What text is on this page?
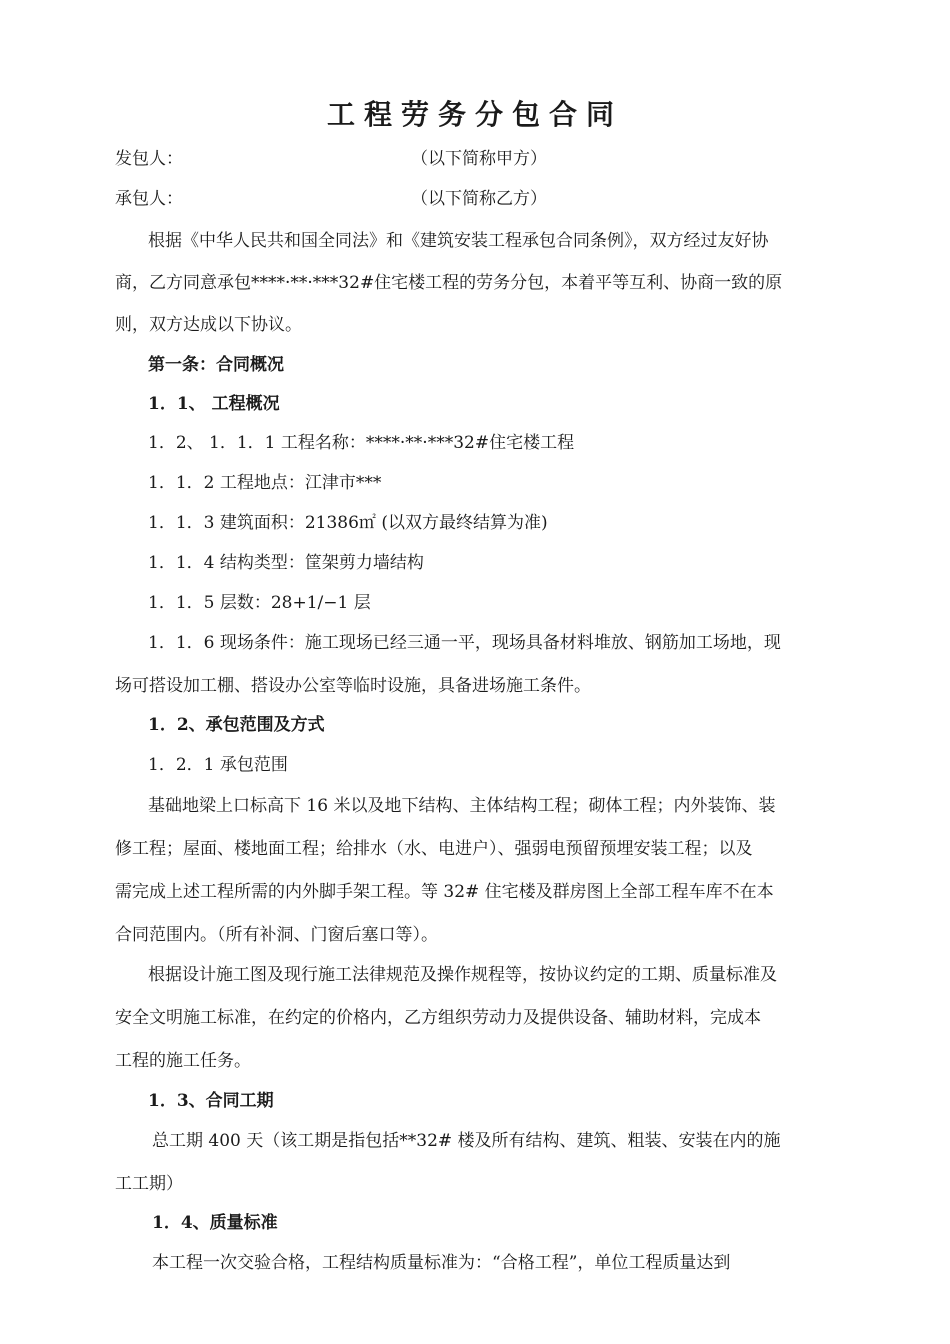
工程劳务分包合同

发包人：	（以下简称甲方）

承包人：	（以下简称乙方）

根据《中华人民共和国全同法》和《建筑安装工程承包合同条例》，双方经过友好协

商，乙方同意承包****·**·***32#住宅楼工程的劳务分包，本着平等互利、协商一致的原

则，双方达成以下协议。

第一条：合同概况

1．1、 工程概况

1．2、 1．1．1 工程名称：****·**·***32#住宅楼工程

1．1．2 工程地点：江津市***

1．1．3 建筑面积：21386㎡ (以双方最终结算为准)

1．1．4 结构类型：筐架剪力墙结构

1．1．5 层数：28+1/−1 层

1．1．6 现场条件：施工现场已经三通一平，现场具备材料堆放、钢筋加工场地，现

场可搭设加工棚、搭设办公室等临时设施，具备进场施工条件。

1．2、承包范围及方式

1．2．1 承包范围

基础地梁上口标高下 16 米以及地下结构、主体结构工程；砌体工程；内外装饰、装

修工程；屋面、楼地面工程；给排水（水、电进户）、强弱电预留预埋安装工程；以及

需完成上述工程所需的内外脚手架工程。等 32# 住宅楼及群房图上全部工程车库不在本

合同范围内。（所有补洞、门窗后塞口等）。

根据设计施工图及现行施工法律规范及操作规程等，按协议约定的工期、质量标准及

安全文明施工标准，在约定的价格内，乙方组织劳动力及提供设备、辅助材料，完成本

工程的施工任务。

1．3、合同工期

总工期 400 天（该工期是指包括**32# 楼及所有结构、建筑、粗装、安装在内的施

工工期）

1．4、质量标准

本工程一次交验合格，工程结构质量标准为：“合格工程”，单位工程质量达到
